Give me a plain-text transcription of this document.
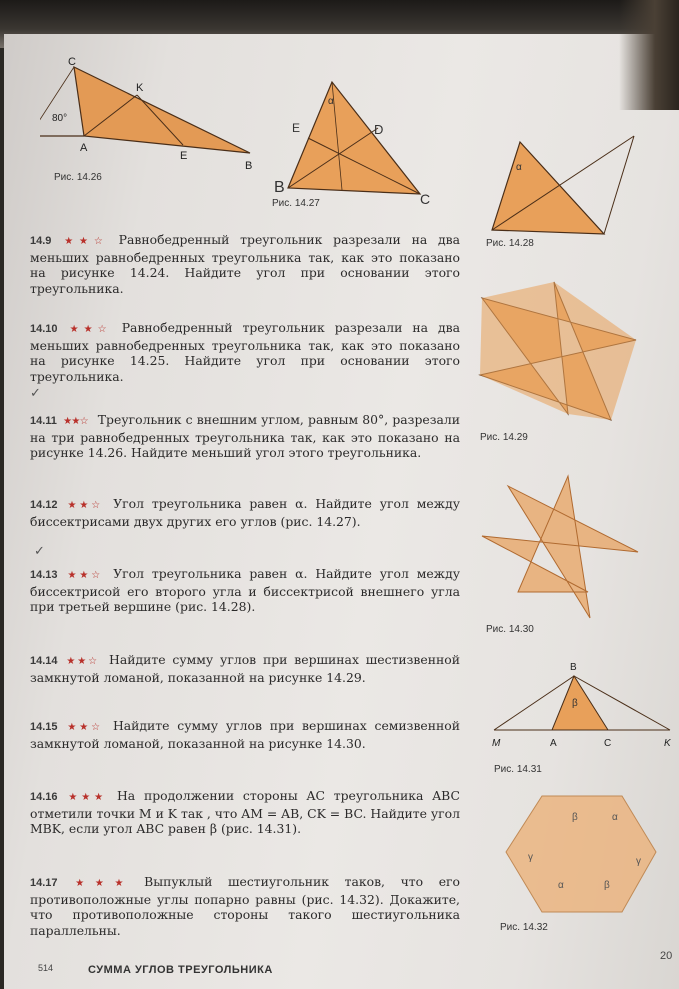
C
K
80°
A
E
B
Рис. 14.26
α
E	D
B
C
Рис. 14.27
α
Рис. 14.28
Рис. 14.29
Рис. 14.30
B
β
M	A	C	K
Рис. 14.31
β	α
γ	γ
α	β
Рис. 14.32
14.9 ★★☆ Равнобедренный треугольник разрезали на два меньших равнобедренных треугольника так, как это показано на рисунке 14.24. Найдите угол при основании этого треугольника.
14.10 ★★☆ Равнобедренный треугольник разрезали на два меньших равнобедренных треугольника так, как это показано на рисунке 14.25. Найдите угол при основании этого треугольника.
14.11 ★★☆ Треугольник с внешним углом, равным 80°, разрезали на три равнобедренных треугольника так, как это показано на рисунке 14.26. Найдите меньший угол этого треугольника.
14.12 ★★☆ Угол треугольника равен α. Найдите угол между биссектрисами двух других его углов (рис. 14.27).
14.13 ★★☆ Угол треугольника равен α. Найдите угол между биссектрисой его второго угла и биссектрисой внешнего угла при третьей вершине (рис. 14.28).
14.14 ★★☆ Найдите сумму углов при вершинах шестизвенной замкнутой ломаной, показанной на рисунке 14.29.
14.15 ★★☆ Найдите сумму углов при вершинах семизвенной замкнутой ломаной, показанной на рисунке 14.30.
14.16 ★★★ На продолжении стороны AC треугольника ABC отметили точки M и K так , что AM = AB, CK = BC. Найдите угол MBK, если угол ABC равен β (рис. 14.31).
14.17 ★★★ Выпуклый шестиугольник таков, что его противоположные углы попарно равны (рис. 14.32). Докажите, что противоположные стороны такого шестиугольника параллельны.
✓
✓
514	СУММА УГЛОВ ТРЕУГОЛЬНИКА
20
